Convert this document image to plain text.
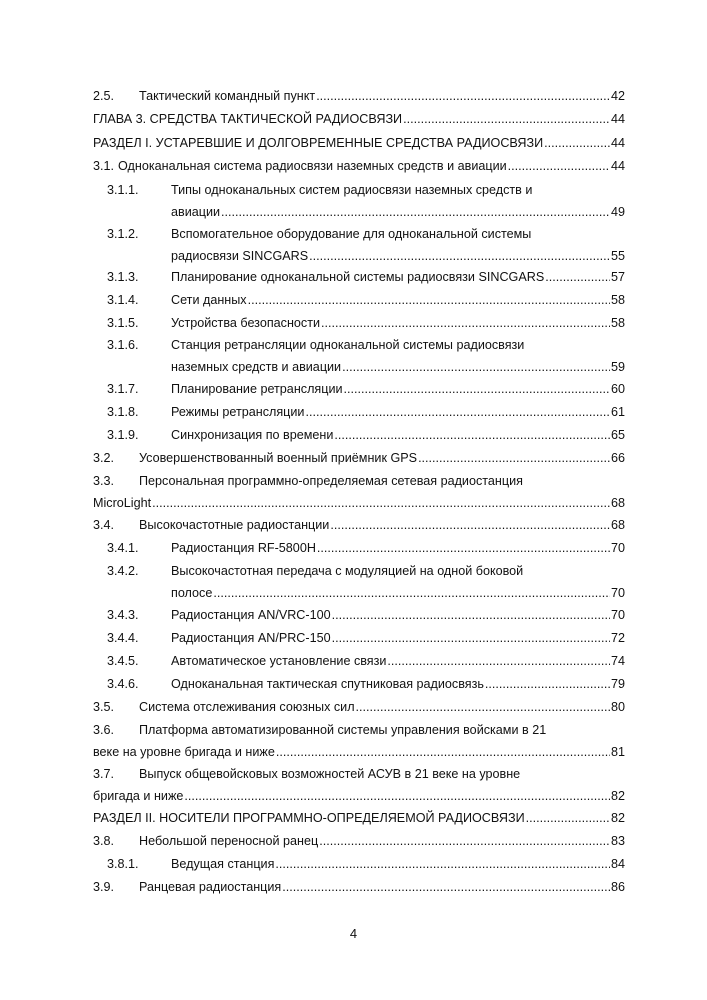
2.5.	Тактический командный пункт .....	42
ГЛАВА 3. СРЕДСТВА ТАКТИЧЕСКОЙ РАДИОСВЯЗИ .....	44
РАЗДЕЛ I. УСТАРЕВШИЕ И ДОЛГОВРЕМЕННЫЕ СРЕДСТВА РАДИОСВЯЗИ .....	44
3.1. Одноканальная система радиосвязи наземных средств и авиации .....	44
3.1.1.	Типы одноканальных систем радиосвязи наземных средств и
авиации .....	49
3.1.2.	Вспомогательное оборудование для одноканальной системы
радиосвязи SINCGARS .....	55
3.1.3.	Планирование одноканальной системы радиосвязи SINCGARS .....	57
3.1.4.	Сети данных .....	58
3.1.5.	Устройства безопасности .....	58
3.1.6.	Станция ретрансляции одноканальной системы радиосвязи
наземных средств и авиации .....	59
3.1.7.	Планирование ретрансляции .....	60
3.1.8.	Режимы ретрансляции .....	61
3.1.9.	Синхронизация по времени .....	65
3.2.	Усовершенствованный военный приёмник GPS .....	66
3.3.	Персональная программно-определяемая сетевая радиостанция
MicroLight .....	68
3.4.	Высокочастотные радиостанции .....	68
3.4.1.	Радиостанция RF-5800H .....	70
3.4.2.	Высокочастотная передача с модуляцией на одной боковой
полосе .....	70
3.4.3.	Радиостанция AN/VRC-100 .....	70
3.4.4.	Радиостанция AN/PRC-150 .....	72
3.4.5.	Автоматическое установление связи .....	74
3.4.6.	Одноканальная тактическая спутниковая радиосвязь .....	79
3.5.	Система отслеживания союзных сил .....	80
3.6.	Платформа автоматизированной системы управления войсками в 21
веке на уровне бригада и ниже .....	81
3.7.	Выпуск общевойсковых возможностей АСУВ в 21 веке на уровне
бригада и ниже .....	82
РАЗДЕЛ II. НОСИТЕЛИ ПРОГРАММНО-ОПРЕДЕЛЯЕМОЙ РАДИОСВЯЗИ .....	82
3.8.	Небольшой переносной ранец .....	83
3.8.1.	Ведущая станция .....	84
3.9.	Ранцевая радиостанция .....	86
4
